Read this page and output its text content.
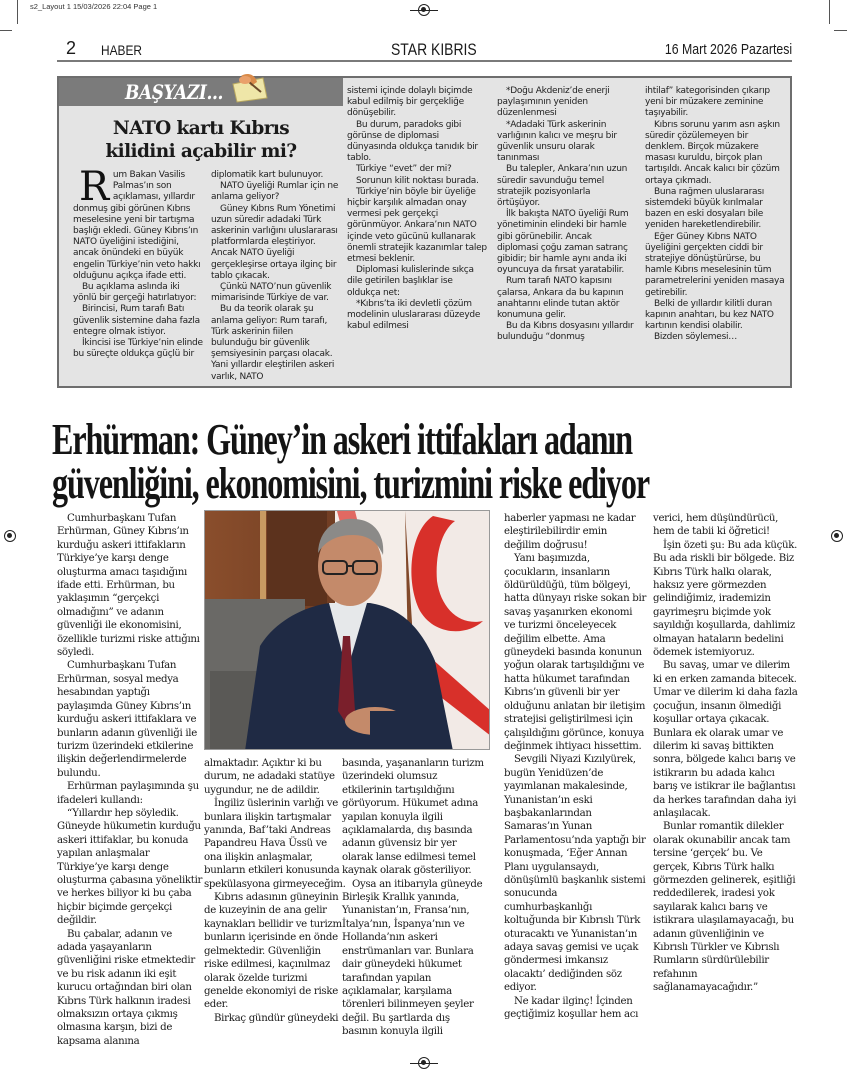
s2_Layout 1 15/03/2026 22:04 Page 1
2 HABER	STAR KIBRIS	16 Mart 2026 Pazartesi
BAŞYAZI...
NATO kartı Kıbrıs
kilidini açabilir mi?
R um Bakan Vasilis Palmas’ın son açıklaması, yıllardır donmuş gibi görünen Kıbrıs meselesine yeni bir tartışma başlığı ekledi. Güney Kıbrıs’ın NATO üyeliğini istediğini, ancak önündeki en büyük engelin Türkiye’nin veto hakkı olduğunu açıkça ifade etti.

Bu açıklama aslında iki yönlü bir gerçeği hatırlatıyor:

Birincisi, Rum tarafı Batı güvenlik sistemine daha fazla entegre olmak istiyor.

İkincisi ise Türkiye’nin elinde bu süreçte oldukça güçlü bir

diplomatik kart bulunuyor.

NATO üyeliği Rumlar için ne anlama geliyor?

Güney Kıbrıs Rum Yönetimi uzun süredir adadaki Türk askerinin varlığını uluslararası platformlarda eleştiriyor. Ancak NATO üyeliği gerçekleşirse ortaya ilginç bir tablo çıkacak.

Çünkü NATO’nun güvenlik mimarisinde Türkiye de var.

Bu da teorik olarak şu anlama geliyor: Rum tarafı, Türk askerinin fiilen bulunduğu bir güvenlik şemsiyesinin parçası olacak. Yani yıllardır eleştirilen askeri varlık, NATO

sistemi içinde dolaylı biçimde kabul edilmiş bir gerçekliğe dönüşebilir.

Bu durum, paradoks gibi görünse de diplomasi dünyasında oldukça tanıdık bir tablo.

Türkiye “evet” der mi?

Sorunun kilit noktası burada.

Türkiye’nin böyle bir üyeliğe hiçbir karşılık almadan onay vermesi pek gerçekçi görünmüyor. Ankara’nın NATO içinde veto gücünü kullanarak önemli stratejik kazanımlar talep etmesi beklenir.

Diplomasi kulislerinde sıkça dile getirilen başlıklar ise oldukça net:

*Kıbrıs’ta iki devletli çözüm modelinin uluslararası düzeyde kabul edilmesi

*Doğu Akdeniz’de enerji paylaşımının yeniden düzenlenmesi

*Adadaki Türk askerinin varlığının kalıcı ve meşru bir güvenlik unsuru olarak tanınması

Bu talepler, Ankara’nın uzun süredir savunduğu temel stratejik pozisyonlarla örtüşüyor.

İlk bakışta NATO üyeliği Rum yönetiminin elindeki bir hamle gibi görünebilir. Ancak diplomasi çoğu zaman satranç gibidir; bir hamle aynı anda iki oyuncuya da fırsat yaratabilir.

Rum tarafı NATO kapısını çalarsa, Ankara da bu kapının anahtarını elinde tutan aktör konumuna gelir.

Bu da Kıbrıs dosyasını yıllardır bulunduğu “donmuş

ihtilaf” kategorisinden çıkarıp yeni bir müzakere zeminine taşıyabilir.

Kıbrıs sorunu yarım asrı aşkın süredir çözülemeyen bir denklem. Birçok müzakere masası kuruldu, birçok plan tartışıldı. Ancak kalıcı bir çözüm ortaya çıkmadı.

Buna rağmen uluslararası sistemdeki büyük kırılmalar bazen en eski dosyaları bile yeniden hareketlendirebilir.

Eğer Güney Kıbrıs NATO üyeliğini gerçekten ciddi bir stratejiye dönüştürürse, bu hamle Kıbrıs meselesinin tüm parametrelerini yeniden masaya getirebilir.

Belki de yıllardır kilitli duran kapının anahtarı, bu kez NATO kartının kendisi olabilir.

Bizden söylemesi…

Erhürman: Güney’in askeri ittifakları adanın
güvenliğini, ekonomisini, turizmini riske ediyor

Cumhurbaşkanı Tufan Erhürman, Güney Kıbrıs’ın kurduğu askeri ittifakların Türkiye’ye karşı denge oluşturma amacı taşıdığını ifade etti. Erhürman, bu yaklaşımın “gerçekçi olmadığını” ve adanın güvenliği ile ekonomisini, özellikle turizmi riske attığını söyledi.

Cumhurbaşkanı Tufan Erhürman, sosyal medya hesabından yaptığı paylaşımda Güney Kıbrıs’ın kurduğu askeri ittifaklara ve bunların adanın güvenliği ile turizm üzerindeki etkilerine ilişkin değerlendirmelerde bulundu.

Erhürman paylaşımında şu ifadeleri kullandı:

“Yıllardır hep söyledik. Güneyde hükumetin kurduğu askeri ittifaklar, bu konuda yapılan anlaşmalar Türkiye’ye karşı denge oluşturma çabasına yöneliktir ve herkes biliyor ki bu çaba hiçbir biçimde gerçekçi değildir.

Bu çabalar, adanın ve adada yaşayanların güvenliğini riske etmektedir ve bu risk adanın iki eşit kurucu ortağından biri olan Kıbrıs Türk halkının iradesi olmaksızın ortaya çıkmış olmasına karşın, bizi de kapsama alanına

almaktadır. Açıktır ki bu durum, ne adadaki statüye uygundur, ne de adildir.

İngiliz üslerinin varlığı ve bunlara ilişkin tartışmalar yanında, Baf’taki Andreas Papandreu Hava Üssü ve ona ilişkin anlaşmalar, bunların etkileri konusunda spekülasyona girmeyeceğim.

Kıbrıs adasının güneyinin de kuzeyinin de ana gelir kaynakları bellidir ve turizm bunların içerisinde en önde gelmektedir. Güvenliğin riske edilmesi, kaçınılmaz olarak özelde turizmi genelde ekonomiyi de riske eder.

Birkaç gündür güneydeki

basında, yaşananların turizm üzerindeki olumsuz etkilerinin tartışıldığını görüyorum. Hükumet adına yapılan konuyla ilgili açıklamalarda, dış basında adanın güvensiz bir yer olarak lanse edilmesi temel kaynak olarak gösteriliyor.

Oysa an itibarıyla güneyde Birleşik Krallık yanında, Yunanistan’ın, Fransa’nın, İtalya’nın, İspanya’nın ve Hollanda’nın askeri enstrümanları var. Bunlara dair güneydeki hükumet tarafından yapılan açıklamalar, karşılama törenleri bilinmeyen şeyler değil. Bu şartlarda dış basının konuyla ilgili

haberler yapması ne kadar eleştirilebilirdir emin değilim doğrusu!

Yanı başımızda, çocukların, insanların öldürüldüğü, tüm bölgeyi, hatta dünyayı riske sokan bir savaş yaşanırken ekonomi ve turizmi önceleyecek değilim elbette. Ama güneydeki basında konunun yoğun olarak tartışıldığını ve hatta hükumet tarafından Kıbrıs’ın güvenli bir yer olduğunu anlatan bir iletişim stratejisi geliştirilmesi için çalışıldığını görünce, konuya değinmek ihtiyacı hissettim.

Sevgili Niyazi Kızılyürek, bugün Yenidüzen’de yayımlanan makalesinde, Yunanistan’ın eski başbakanlarından Samaras’ın Yunan Parlamentosu’nda yaptığı bir konuşmada, ‘Eğer Annan Planı uygulansaydı, dönüşümlü başkanlık sistemi sonucunda cumhurbaşkanlığı koltuğunda bir Kıbrıslı Türk oturacaktı ve Yunanistan’ın adaya savaş gemisi ve uçak göndermesi imkansız olacaktı’ dediğinden söz ediyor.

Ne kadar ilginç! İçinden geçtiğimiz koşullar hem acı

verici, hem düşündürücü, hem de tabii ki öğretici!

İşin özeti şu: Bu ada küçük. Bu ada riskli bir bölgede. Biz Kıbrıs Türk halkı olarak, haksız yere görmezden gelindiğimiz, irademizin gayrimeşru biçimde yok sayıldığı koşullarda, dahlimiz olmayan hataların bedelini ödemek istemiyoruz.

Bu savaş, umar ve dilerim ki en erken zamanda bitecek. Umar ve dilerim ki daha fazla çocuğun, insanın ölmediği koşullar ortaya çıkacak. Bunlara ek olarak umar ve dilerim ki savaş bittikten sonra, bölgede kalıcı barış ve istikrarın bu adada kalıcı barış ve istikrar ile bağlantısı da herkes tarafından daha iyi anlaşılacak.

Bunlar romantik dilekler olarak okunabilir ancak tam tersine ‘gerçek’ bu. Ve gerçek, Kıbrıs Türk halkı görmezden gelinerek, eşitliği reddedilerek, iradesi yok sayılarak kalıcı barış ve istikrara ulaşılamayacağı, bu adanın güvenliğinin ve Kıbrıslı Türkler ve Kıbrıslı Rumların sürdürülebilir refahının sağlanamayacağıdır.”
